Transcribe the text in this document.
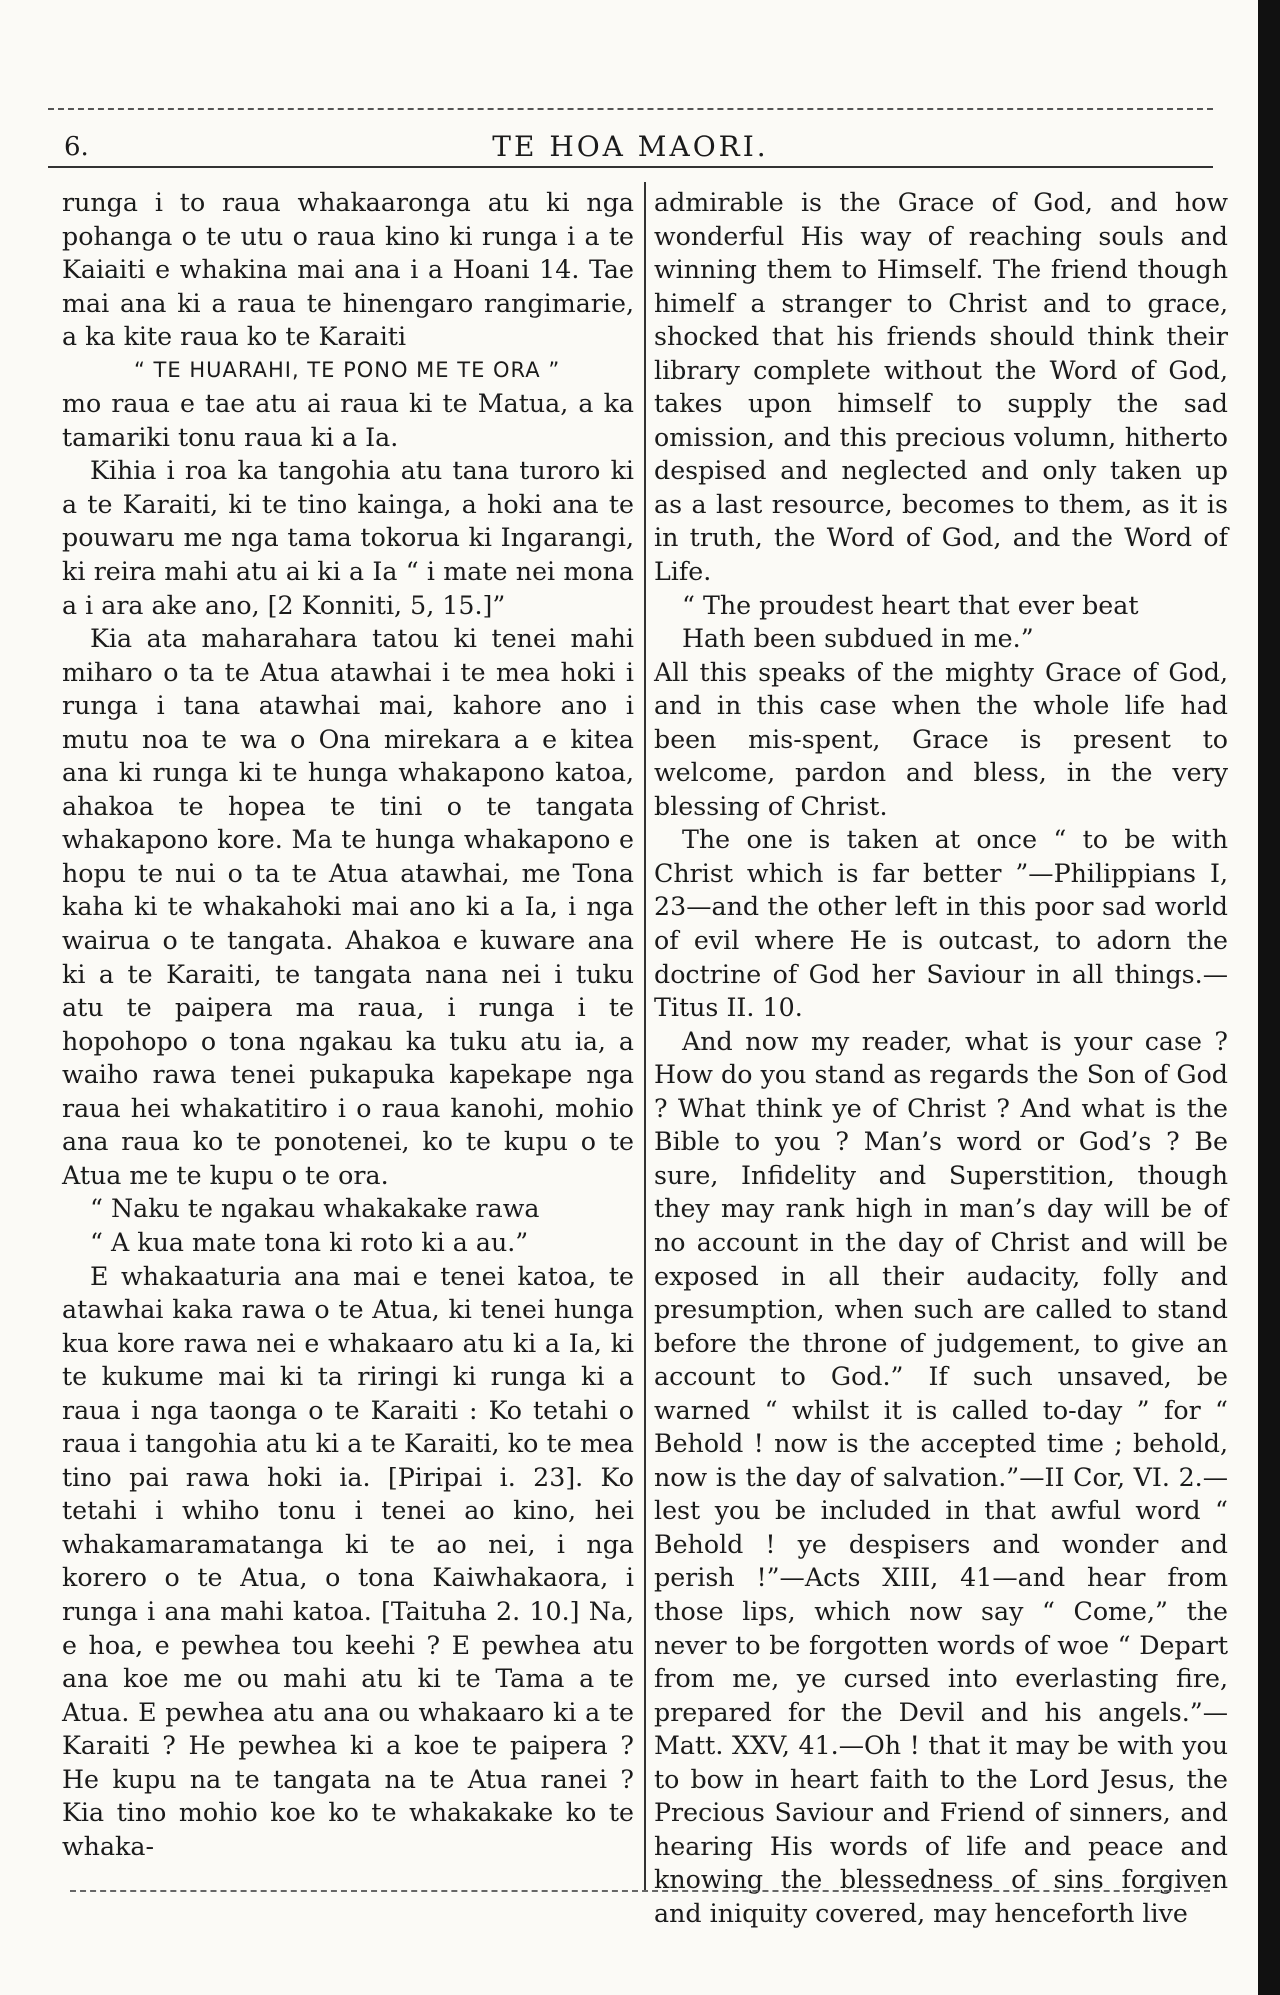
6.	TE HOA MAORI.

runga i to raua whakaaronga atu ki nga pohanga o te utu o raua kino ki runga i a te Kaiaiti e whakina mai ana i a Hoani 14. Tae mai ana ki a raua te hinengaro rangimarie, a ka kite raua ko te Karaiti

“ TE HUARAHI, TE PONO ME TE ORA ”

mo raua e tae atu ai raua ki te Matua, a ka tamariki tonu raua ki a Ia.

Kihia i roa ka tangohia atu tana turoro ki a te Karaiti, ki te tino kainga, a hoki ana te pouwaru me nga tama tokorua ki Ingarangi, ki reira mahi atu ai ki a Ia “ i mate nei mona a i ara ake ano, [2 Konniti, 5, 15.]”

Kia ata maharahara tatou ki tenei mahi miharo o ta te Atua atawhai i te mea hoki i runga i tana atawhai mai, kahore ano i mutu noa te wa o Ona mirekara a e kitea ana ki runga ki te hunga whakapono katoa, ahakoa te hopea te tini o te tangata whakapono kore. Ma te hunga whakapono e hopu te nui o ta te Atua atawhai, me Tona kaha ki te whakahoki mai ano ki a Ia, i nga wairua o te tangata. Ahakoa e kuware ana ki a te Karaiti, te tangata nana nei i tuku atu te paipera ma raua, i runga i te hopohopo o tona ngakau ka tuku atu ia, a waiho rawa tenei pukapuka kapekape nga raua hei whakatitiro i o raua kanohi, mohio ana raua ko te ponotenei, ko te kupu o te Atua me te kupu o te ora.

“ Naku te ngakau whakakake rawa

“ A kua mate tona ki roto ki a au.”

E whakaaturia ana mai e tenei katoa, te atawhai kaka rawa o te Atua, ki tenei hunga kua kore rawa nei e whakaaro atu ki a Ia, ki te kukume mai ki ta riringi ki runga ki a raua i nga taonga o te Karaiti : Ko tetahi o raua i tangohia atu ki a te Karaiti, ko te mea tino pai rawa hoki ia. [Piripai i. 23]. Ko tetahi i whiho tonu i tenei ao kino, hei whakamaramatanga ki te ao nei, i nga korero o te Atua, o tona Kaiwhakaora, i runga i ana mahi katoa. [Taituha 2. 10.] Na, e hoa, e pewhea tou keehi ? E pewhea atu ana koe me ou mahi atu ki te Tama a te Atua. E pewhea atu ana ou whakaaro ki a te Karaiti ? He pewhea ki a koe te paipera ? He kupu na te tangata na te Atua ranei ? Kia tino mohio koe ko te whakakake ko te whaka-

admirable is the Grace of God, and how wonderful His way of reaching souls and winning them to Himself. The friend though himelf a stranger to Christ and to grace, shocked that his friends should think their library complete without the Word of God, takes upon himself to supply the sad omission, and this precious volumn, hitherto despised and neglected and only taken up as a last resource, becomes to them, as it is in truth, the Word of God, and the Word of Life.

“ The proudest heart that ever beat

Hath been subdued in me.”

All this speaks of the mighty Grace of God, and in this case when the whole life had been mis-spent, Grace is present to welcome, pardon and bless, in the very blessing of Christ.

The one is taken at once “ to be with Christ which is far better ”—Philippians I, 23—and the other left in this poor sad world of evil where He is outcast, to adorn the doctrine of God her Saviour in all things.—Titus II. 10.

And now my reader, what is your case ? How do you stand as regards the Son of God ? What think ye of Christ ? And what is the Bible to you ? Man’s word or God’s ? Be sure, Infidelity and Superstition, though they may rank high in man’s day will be of no account in the day of Christ and will be exposed in all their audacity, folly and presumption, when such are called to stand before the throne of judgement, to give an account to God.” If such unsaved, be warned “ whilst it is called to-day ” for “ Behold ! now is the accepted time ; behold, now is the day of salvation.”—II Cor, VI. 2.—lest you be included in that awful word “ Behold ! ye despisers and wonder and perish !”—Acts XIII, 41—and hear from those lips, which now say “ Come,” the never to be forgotten words of woe “ Depart from me, ye cursed into everlasting fire, prepared for the Devil and his angels.”—Matt. XXV, 41.—Oh ! that it may be with you to bow in heart faith to the Lord Jesus, the Precious Saviour and Friend of sinners, and hearing His words of life and peace and knowing the blessedness of sins forgiven and iniquity covered, may henceforth live
